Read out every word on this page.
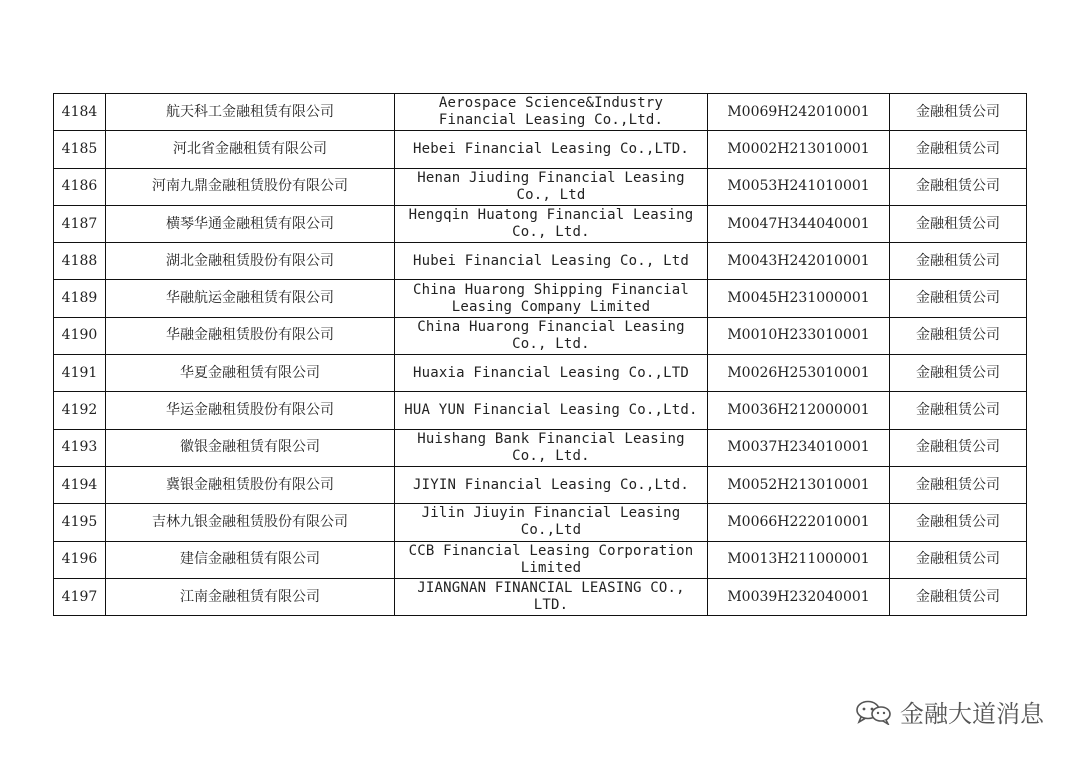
4184	航天科工金融租赁有限公司	Aerospace Science&Industry Financial Leasing Co.,Ltd.	M0069H242010001	金融租赁公司
4185	河北省金融租赁有限公司	Hebei Financial Leasing Co.,LTD.	M0002H213010001	金融租赁公司
4186	河南九鼎金融租赁股份有限公司	Henan Jiuding Financial Leasing Co., Ltd	M0053H241010001	金融租赁公司
4187	横琴华通金融租赁有限公司	Hengqin Huatong Financial Leasing Co., Ltd.	M0047H344040001	金融租赁公司
4188	湖北金融租赁股份有限公司	Hubei Financial Leasing Co., Ltd	M0043H242010001	金融租赁公司
4189	华融航运金融租赁有限公司	China Huarong Shipping Financial Leasing Company Limited	M0045H231000001	金融租赁公司
4190	华融金融租赁股份有限公司	China Huarong Financial Leasing Co., Ltd.	M0010H233010001	金融租赁公司
4191	华夏金融租赁有限公司	Huaxia Financial Leasing Co.,LTD	M0026H253010001	金融租赁公司
4192	华运金融租赁股份有限公司	HUA YUN Financial Leasing Co.,Ltd.	M0036H212000001	金融租赁公司
4193	徽银金融租赁有限公司	Huishang Bank Financial Leasing Co., Ltd.	M0037H234010001	金融租赁公司
4194	冀银金融租赁股份有限公司	JIYIN Financial Leasing Co.,Ltd.	M0052H213010001	金融租赁公司
4195	吉林九银金融租赁股份有限公司	Jilin Jiuyin Financial Leasing Co.,Ltd	M0066H222010001	金融租赁公司
4196	建信金融租赁有限公司	CCB Financial Leasing Corporation Limited	M0013H211000001	金融租赁公司
4197	江南金融租赁有限公司	JIANGNAN FINANCIAL LEASING CO., LTD.	M0039H232040001	金融租赁公司
金融大道消息
